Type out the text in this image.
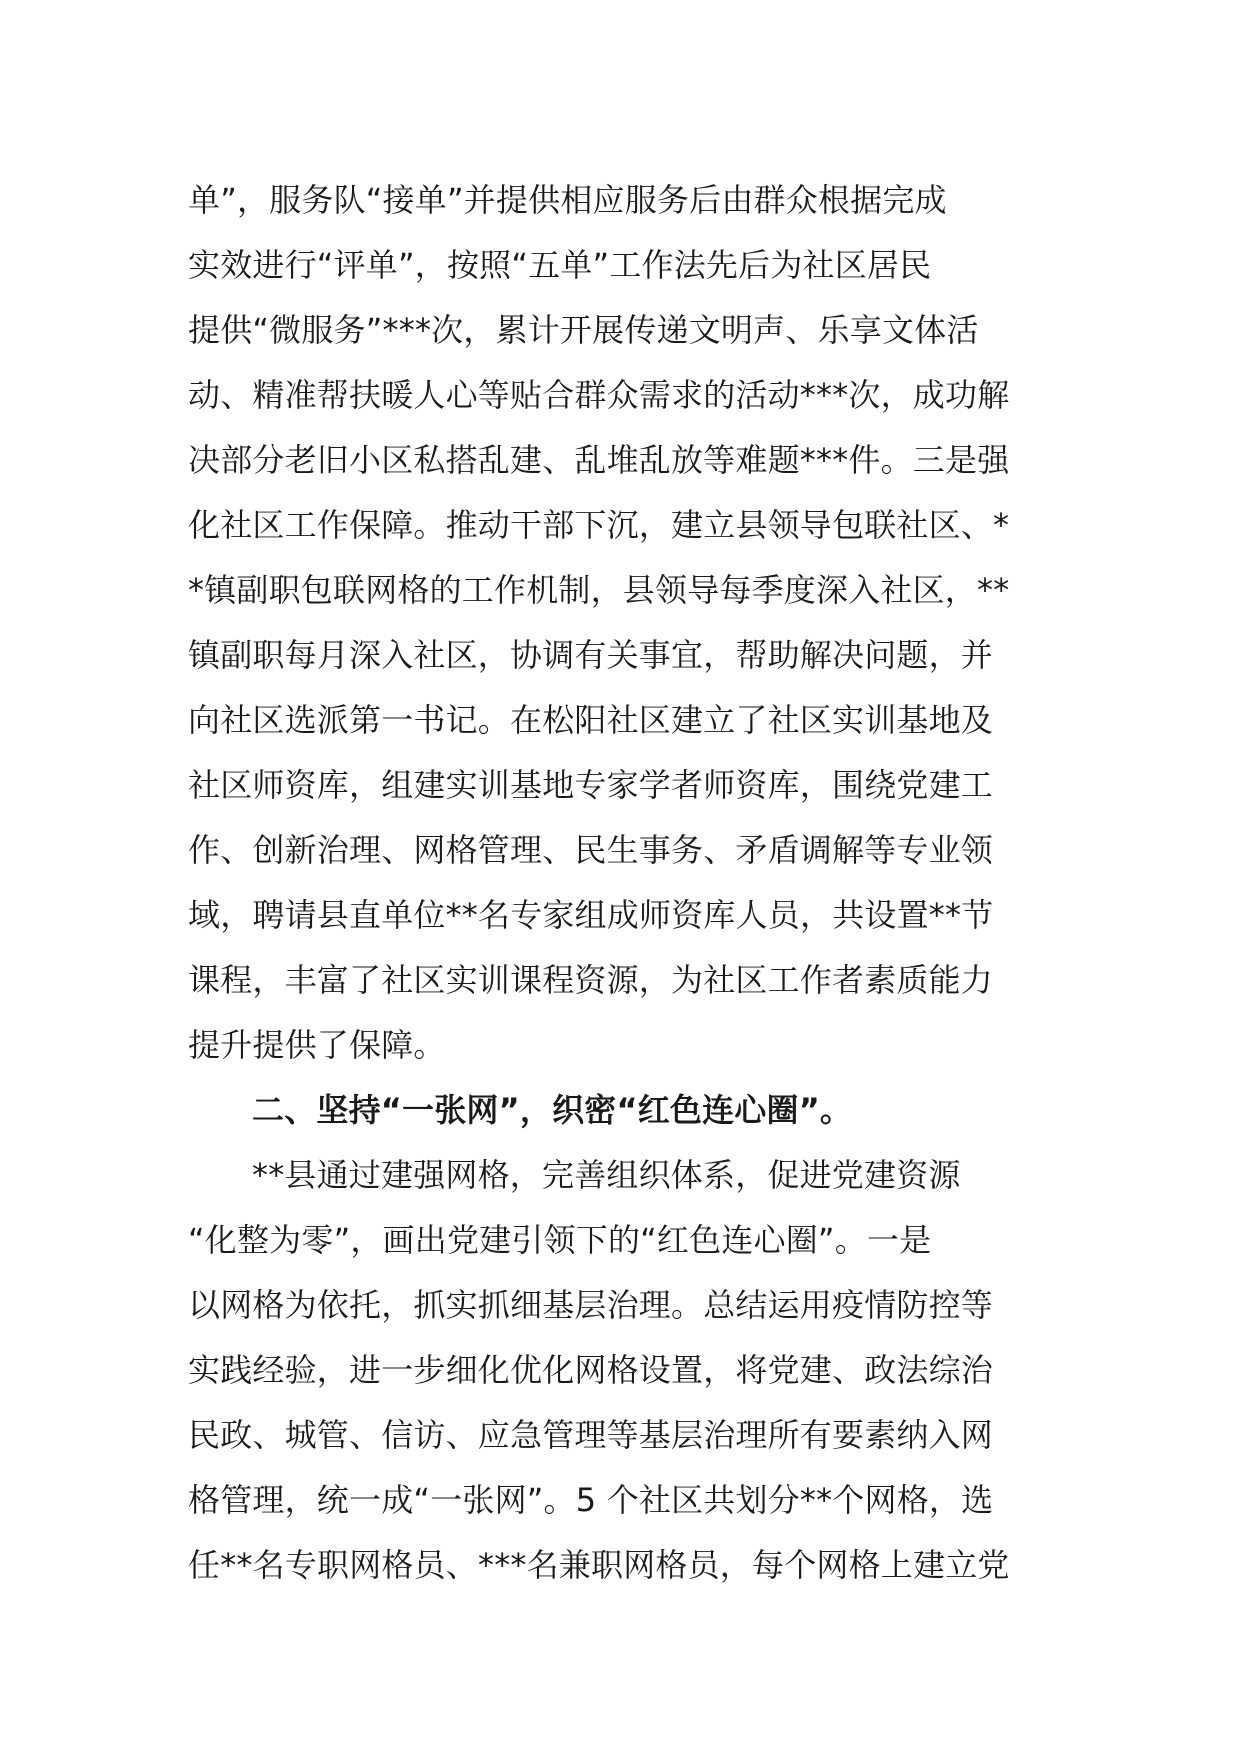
单”，服务队“接单”并提供相应服务后由群众根据完成
实效进行“评单”，按照“五单”工作法先后为社区居民
提供“微服务”***次，累计开展传递文明声、乐享文体活
动、精准帮扶暖人心等贴合群众需求的活动***次，成功解
决部分老旧小区私搭乱建、乱堆乱放等难题***件。三是强
化社区工作保障。推动干部下沉，建立县领导包联社区、*
*镇副职包联网格的工作机制，县领导每季度深入社区，**
镇副职每月深入社区，协调有关事宜，帮助解决问题，并
向社区选派第一书记。在松阳社区建立了社区实训基地及
社区师资库，组建实训基地专家学者师资库，围绕党建工
作、创新治理、网格管理、民生事务、矛盾调解等专业领
域，聘请县直单位**名专家组成师资库人员，共设置**节
课程，丰富了社区实训课程资源，为社区工作者素质能力
提升提供了保障。
二、坚持“一张网”，织密“红色连心圈”。
**县通过建强网格，完善组织体系，促进党建资源
“化整为零”，画出党建引领下的“红色连心圈”。一是
以网格为依托，抓实抓细基层治理。总结运用疫情防控等
实践经验，进一步细化优化网格设置，将党建、政法综治
民政、城管、信访、应急管理等基层治理所有要素纳入网
格管理，统一成“一张网”。5 个社区共划分**个网格，选
任**名专职网格员、***名兼职网格员，每个网格上建立党
